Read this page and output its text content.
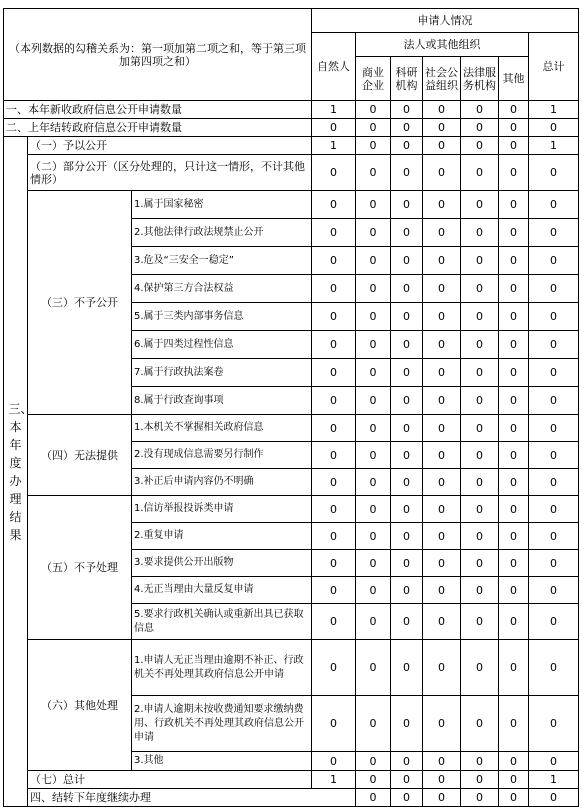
（本列数据的勾稽关系为：第一项加第二项之和，等于第三项加第四项之和）			申请人情况							
			自然人	法人或其他组织					总计	
				商业企业	科研机构	社会公益组织	法律服务机构	其他		
一、本年新收政府信息公开申请数量			1	0	0	0	0	0	1	
二、上年结转政府信息公开申请数量			0	0	0	0	0	0	0	

三、本年度办理结果	（一）予以公开		1	0	0	0	0	0	1	
	（二）部分公开（区分处理的，只计这一情形，不计其他情形）		0	0	0	0	0	0	0	
	（三）不予公开	1.属于国家秘密	0	0	0	0	0	0	0	
		2.其他法律行政法规禁止公开	0	0	0	0	0	0	0	
		3.危及“三安全一稳定”	0	0	0	0	0	0	0	
		4.保护第三方合法权益	0	0	0	0	0	0	0	
		5.属于三类内部事务信息	0	0	0	0	0	0	0	
		6.属于四类过程性信息	0	0	0	0	0	0	0	
		7.属于行政执法案卷	0	0	0	0	0	0	0	
		8.属于行政查询事项	0	0	0	0	0	0	0	
	（四）无法提供	1.本机关不掌握相关政府信息	0	0	0	0	0	0	0	
		2.没有现成信息需要另行制作	0	0	0	0	0	0	0	
		3.补正后申请内容仍不明确	0	0	0	0	0	0	0	
	（五）不予处理	1.信访举报投诉类申请	0	0	0	0	0	0	0	
		2.重复申请	0	0	0	0	0	0	0	
		3.要求提供公开出版物	0	0	0	0	0	0	0	
		4.无正当理由大量反复申请	0	0	0	0	0	0	0	
		5.要求行政机关确认或重新出具已获取信息	0	0	0	0	0	0	0	
	（六）其他处理	1.申请人无正当理由逾期不补正、行政机关不再处理其政府信息公开申请	0	0	0	0	0	0	0	
		2.申请人逾期未按收费通知要求缴纳费用、行政机关不再处理其政府信息公开申请	0	0	0	0	0	0	0	
		3.其他	0	0	0	0	0	0	0	
	（七）总计		1	0	0	0	0	0	1	
	四、结转下年度继续办理			0	0	0	0	0	0	
